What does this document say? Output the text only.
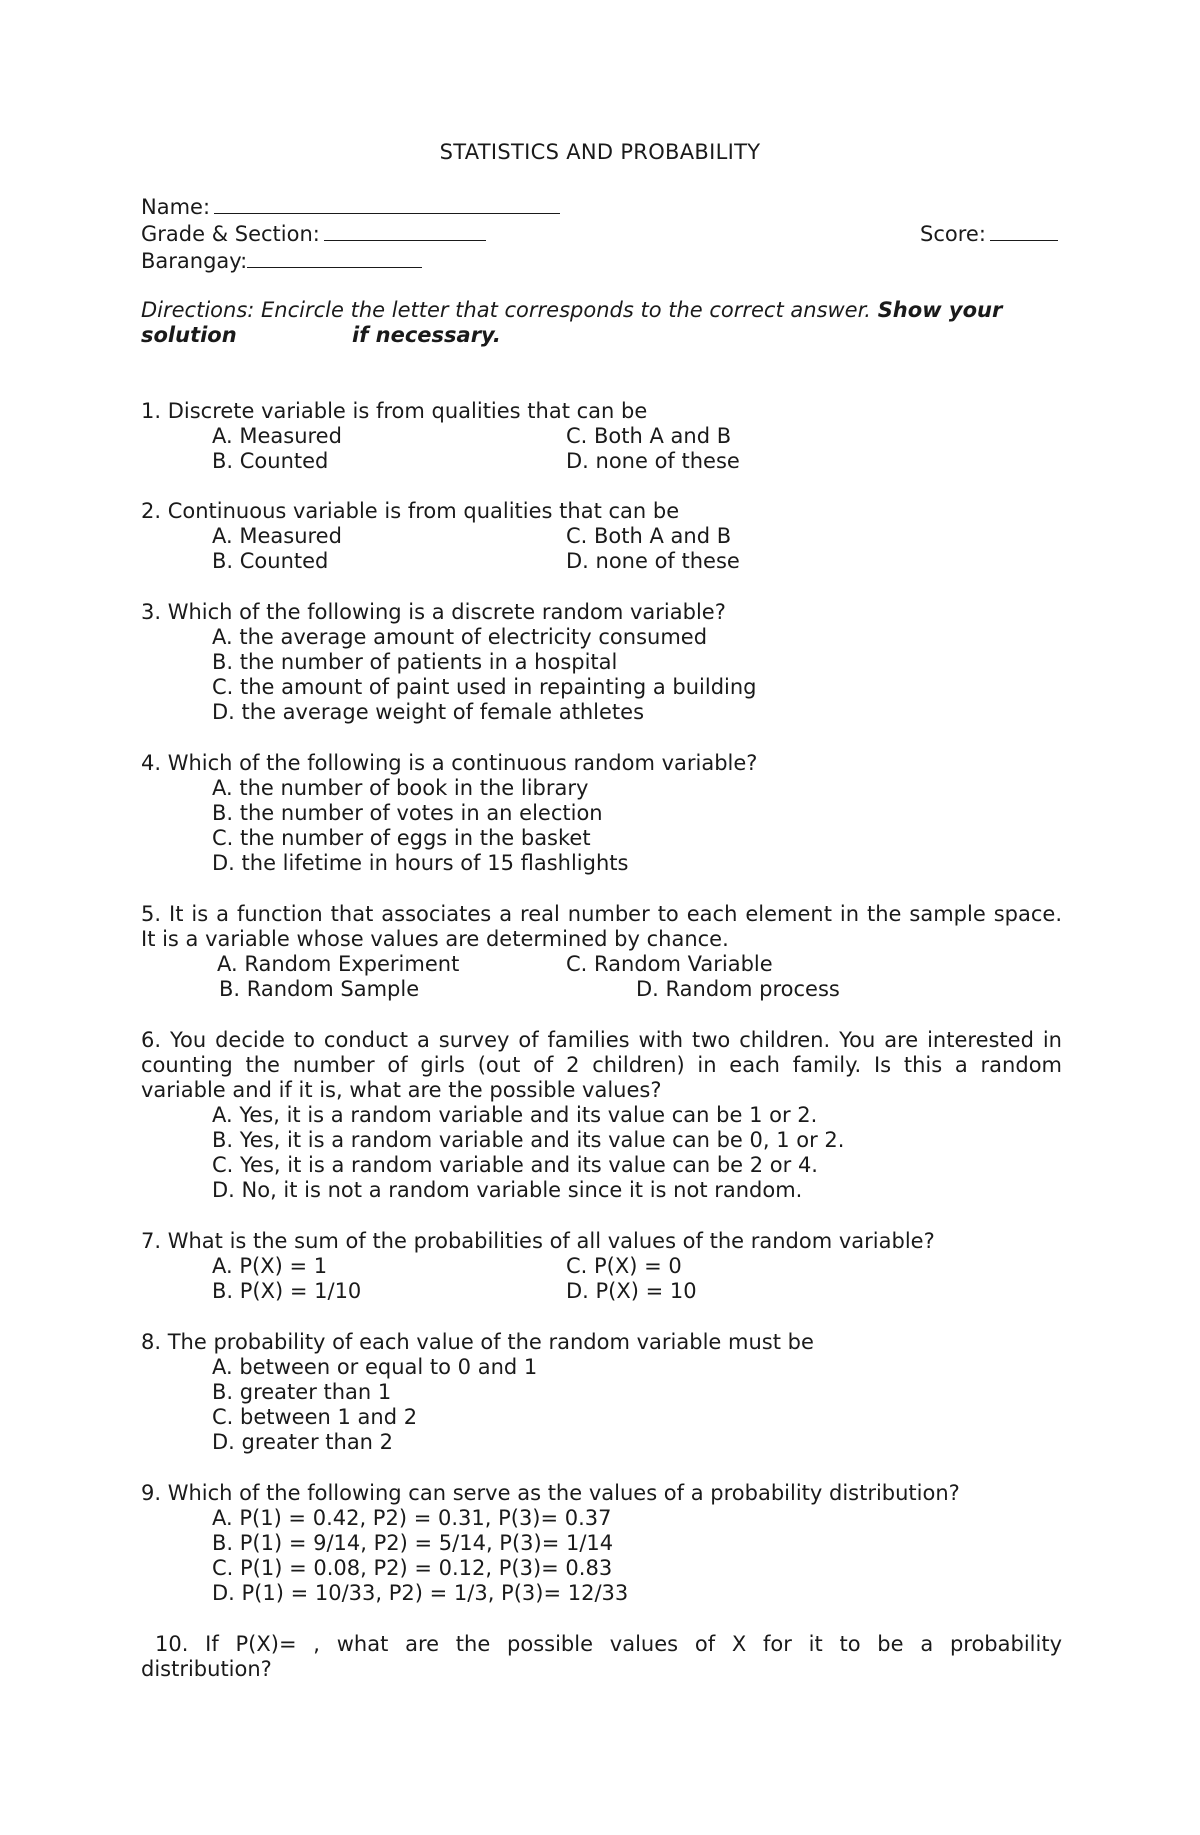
STATISTICS AND PROBABILITY
Name:
Grade & Section:	Score:
Barangay:
Directions: Encircle the letter that corresponds to the correct answer. Show your
solution	if necessary.
1. Discrete variable is from qualities that can be
A. Measured	C. Both A and B
B. Counted	D. none of these
2. Continuous variable is from qualities that can be
A. Measured	C. Both A and B
B. Counted	D. none of these
3. Which of the following is a discrete random variable?
A. the average amount of electricity consumed
B. the number of patients in a hospital
C. the amount of paint used in repainting a building
D. the average weight of female athletes
4. Which of the following is a continuous random variable?
A. the number of book in the library
B. the number of votes in an election
C. the number of eggs in the basket
D. the lifetime in hours of 15 flashlights
5. It is a function that associates a real number to each element in the sample space. It is a variable whose values are determined by chance.
A. Random Experiment	C. Random Variable
B. Random Sample	D. Random process
6. You decide to conduct a survey of families with two children. You are interested in counting the number of girls (out of 2 children) in each family. Is this a random variable and if it is, what are the possible values?
A. Yes, it is a random variable and its value can be 1 or 2.
B. Yes, it is a random variable and its value can be 0, 1 or 2.
C. Yes, it is a random variable and its value can be 2 or 4.
D. No, it is not a random variable since it is not random.
7. What is the sum of the probabilities of all values of the random variable?
A. P(X) = 1	C. P(X) = 0
B. P(X) = 1/10	D. P(X) = 10
8. The probability of each value of the random variable must be
A. between or equal to 0 and 1
B. greater than 1
C. between 1 and 2
D. greater than 2
9. Which of the following can serve as the values of a probability distribution?
A. P(1) = 0.42, P2) = 0.31, P(3)= 0.37
B. P(1) = 9/14, P2) = 5/14, P(3)= 1/14
C. P(1) = 0.08, P2) = 0.12, P(3)= 0.83
D. P(1) = 10/33, P2) = 1/3, P(3)= 12/33
10. If P(X)= , what are the possible values of X for it to be a probability distribution?
